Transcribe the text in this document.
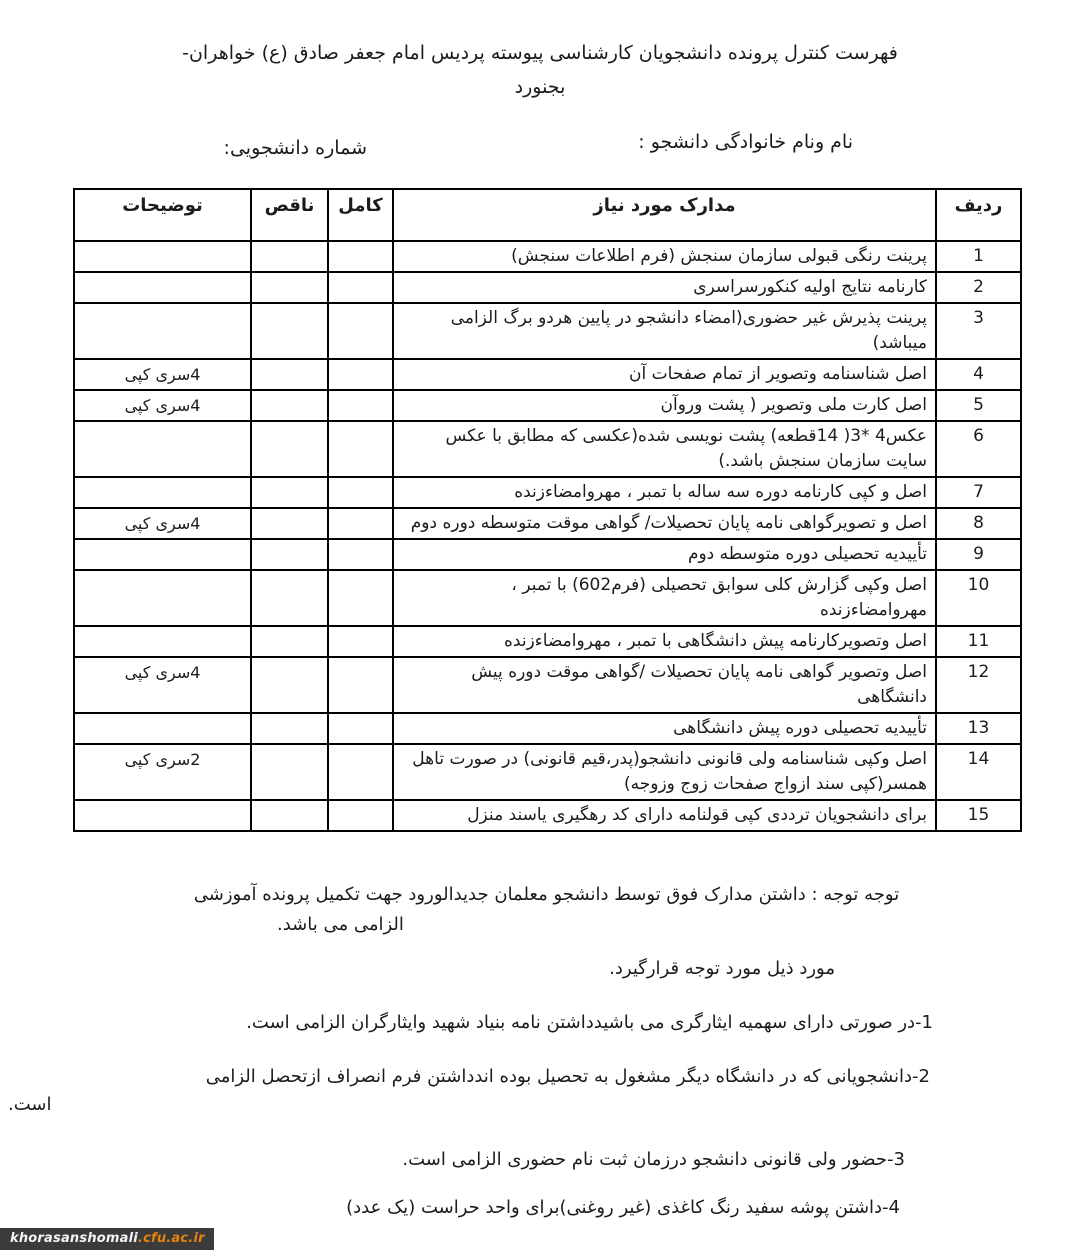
فهرست کنترل پرونده دانشجویان کارشناسی پیوسته پردیس امام جعفر صادق (ع) خواهران-
بجنورد
نام ونام خانوادگی دانشجو :
شماره دانشجویی:
ردیف	مدارک مورد نیاز	کامل	ناقص	توضیحات
1	پرینت رنگی قبولی سازمان سنجش (فرم اطلاعات سنجش)			
2	کارنامه نتایج اولیه کنکورسراسری			
3	پرینت پذیرش غیر حضوری(امضاء دانشجو در پایین هردو برگ الزامی میباشد)			
4	اصل شناسنامه وتصویر از تمام صفحات آن			4سری کپی
5	اصل کارت ملی وتصویر ( پشت وروآن			4سری کپی
6	عکس4 *3( 14قطعه) پشت نویسی شده(عکسی که مطابق با عکس سایت سازمان سنجش باشد.)			
7	اصل و کپی کارنامه دوره سه ساله با تمبر ، مهروامضاءزنده			
8	اصل و تصویرگواهی نامه پایان تحصیلات/ گواهی موقت متوسطه دوره دوم			4سری کپی
9	تأییدیه تحصیلی دوره متوسطه دوم			
10	اصل وکپی گزارش کلی سوابق تحصیلی (فرم602) با تمبر ، مهروامضاءزنده			
11	اصل وتصویرکارنامه پیش دانشگاهی با تمبر ، مهروامضاءزنده			
12	اصل وتصویر گواهی نامه پایان تحصیلات /گواهی موقت دوره پیش دانشگاهی			4سری کپی
13	تأییدیه تحصیلی دوره پیش دانشگاهی			
14	اصل وکپی شناسنامه ولی قانونی دانشجو(پدر،قیم قانونی) در صورت تاهل
همسر(کپی سند ازواج صفحات زوج وزوجه)			2سری کپی
15	برای دانشجویان ترددی کپی قولنامه دارای کد رهگیری یاسند منزل			
توجه توجه : داشتن مدارک فوق توسط دانشجو معلمان جدیدالورود جهت تکمیل پرونده آموزشی
الزامی می باشد.
مورد ذیل مورد توجه قرارگیرد.
1-در صورتی دارای سهمیه ایثارگری می باشیدداشتن نامه بنیاد شهید وایثارگران الزامی است.
2-دانشجویانی که در دانشگاه دیگر مشغول به تحصیل بوده اندداشتن فرم انصراف ازتحصل الزامی
است.
3-حضور ولی قانونی دانشجو درزمان ثبت نام حضوری الزامی است.
4-داشتن پوشه سفید رنگ کاغذی (غیر روغنی)برای واحد حراست (یک عدد)
khorasanshomali.cfu.ac.ir
